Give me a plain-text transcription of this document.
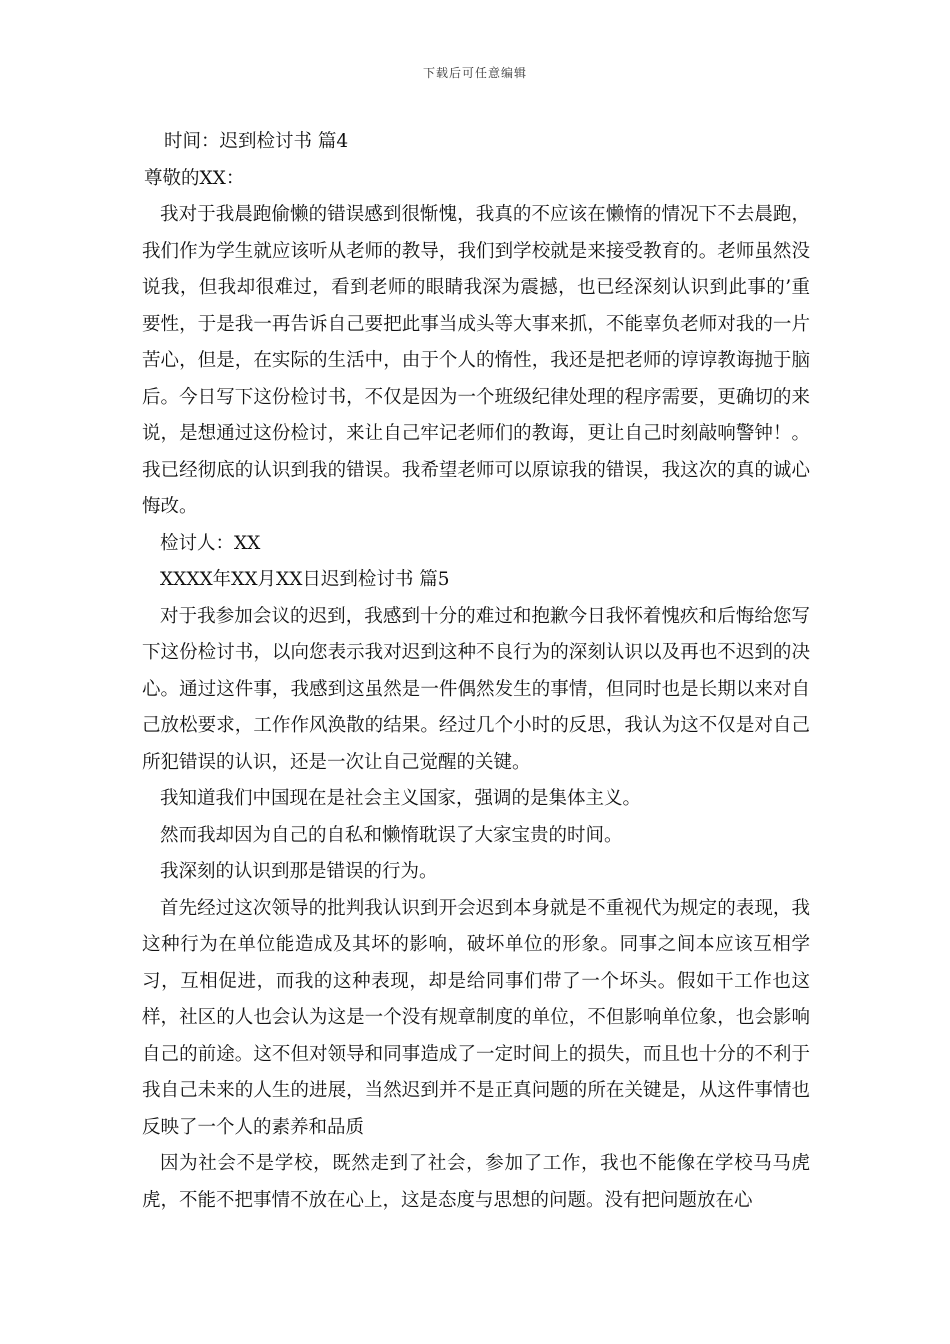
下载后可任意编辑
时间：迟到检讨书 篇4
尊敬的XX：

我对于我晨跑偷懒的错误感到很惭愧，我真的不应该在懒惰的情况下不去晨跑，我们作为学生就应该听从老师的教导，我们到学校就是来接受教育的。老师虽然没说我，但我却很难过，看到老师的眼睛我深为震撼，也已经深刻认识到此事的’重要性，于是我一再告诉自己要把此事当成头等大事来抓，不能辜负老师对我的一片苦心，但是，在实际的生活中，由于个人的惰性，我还是把老师的谆谆教诲抛于脑后。今日写下这份检讨书，不仅是因为一个班级纪律处理的程序需要，更确切的来说，是想通过这份检讨，来让自己牢记老师们的教诲，更让自己时刻敲响警钟！。我已经彻底的认识到我的错误。我希望老师可以原谅我的错误，我这次的真的诚心悔改。

检讨人：XX
XXXX年XX月XX日迟到检讨书 篇5

对于我参加会议的迟到，我感到十分的难过和抱歉今日我怀着愧疚和后悔给您写下这份检讨书，以向您表示我对迟到这种不良行为的深刻认识以及再也不迟到的决心。通过这件事，我感到这虽然是一件偶然发生的事情，但同时也是长期以来对自己放松要求，工作作风涣散的结果。经过几个小时的反思，我认为这不仅是对自己所犯错误的认识，还是一次让自己觉醒的关键。

我知道我们中国现在是社会主义国家，强调的是集体主义。

然而我却因为自己的自私和懒惰耽误了大家宝贵的时间。

我深刻的认识到那是错误的行为。

首先经过这次领导的批判我认识到开会迟到本身就是不重视代为规定的表现，我这种行为在单位能造成及其坏的影响，破坏单位的形象。同事之间本应该互相学习，互相促进，而我的这种表现，却是给同事们带了一个坏头。假如干工作也这样，社区的人也会认为这是一个没有规章制度的单位，不但影响单位象，也会影响自己的前途。这不但对领导和同事造成了一定时间上的损失，而且也十分的不利于我自己未来的人生的进展，当然迟到并不是正真问题的所在关键是，从这件事情也反映了一个人的素养和品质

因为社会不是学校，既然走到了社会，参加了工作，我也不能像在学校马马虎虎，不能不把事情不放在心上，这是态度与思想的问题。没有把问题放在心
